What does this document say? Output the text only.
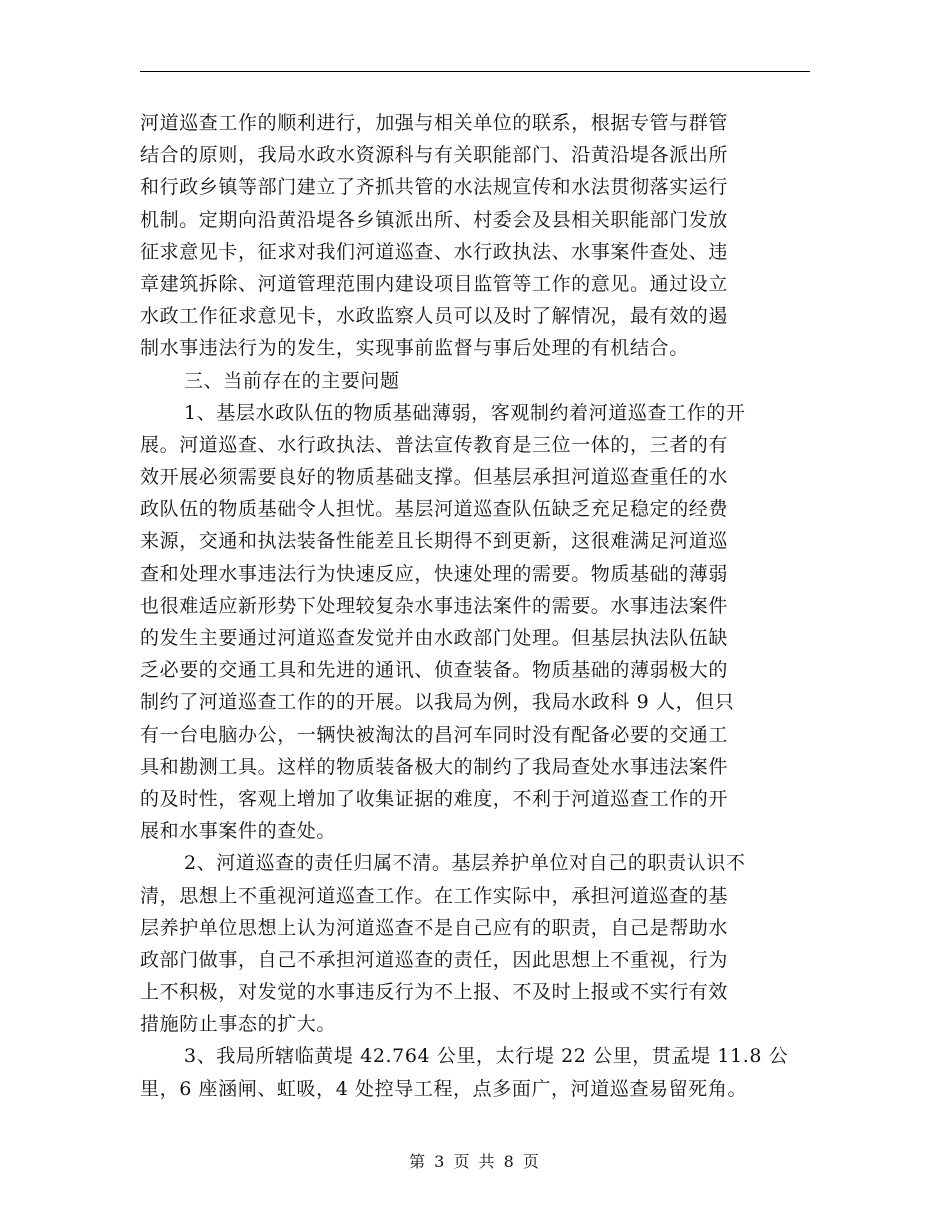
河道巡查工作的顺利进行，加强与相关单位的联系，根据专管与群管
结合的原则，我局水政水资源科与有关职能部门、沿黄沿堤各派出所
和行政乡镇等部门建立了齐抓共管的水法规宣传和水法贯彻落实运行
机制。定期向沿黄沿堤各乡镇派出所、村委会及县相关职能部门发放
征求意见卡，征求对我们河道巡查、水行政执法、水事案件查处、违
章建筑拆除、河道管理范围内建设项目监管等工作的意见。通过设立
水政工作征求意见卡，水政监察人员可以及时了解情况，最有效的遏
制水事违法行为的发生，实现事前监督与事后处理的有机结合。
三、当前存在的主要问题
1、基层水政队伍的物质基础薄弱，客观制约着河道巡查工作的开
展。河道巡查、水行政执法、普法宣传教育是三位一体的，三者的有
效开展必须需要良好的物质基础支撑。但基层承担河道巡查重任的水
政队伍的物质基础令人担忧。基层河道巡查队伍缺乏充足稳定的经费
来源，交通和执法装备性能差且长期得不到更新，这很难满足河道巡
查和处理水事违法行为快速反应，快速处理的需要。物质基础的薄弱
也很难适应新形势下处理较复杂水事违法案件的需要。水事违法案件
的发生主要通过河道巡查发觉并由水政部门处理。但基层执法队伍缺
乏必要的交通工具和先进的通讯、侦查装备。物质基础的薄弱极大的
制约了河道巡查工作的的开展。以我局为例，我局水政科 9 人，但只
有一台电脑办公，一辆快被淘汰的昌河车同时没有配备必要的交通工
具和勘测工具。这样的物质装备极大的制约了我局查处水事违法案件
的及时性，客观上增加了收集证据的难度，不利于河道巡查工作的开
展和水事案件的查处。
2、河道巡查的责任归属不清。基层养护单位对自己的职责认识不
清，思想上不重视河道巡查工作。在工作实际中，承担河道巡查的基
层养护单位思想上认为河道巡查不是自己应有的职责，自己是帮助水
政部门做事，自己不承担河道巡查的责任，因此思想上不重视，行为
上不积极，对发觉的水事违反行为不上报、不及时上报或不实行有效
措施防止事态的扩大。
3、我局所辖临黄堤 42.764 公里，太行堤 22 公里，贯孟堤 11.8 公
里，6 座涵闸、虹吸，4 处控导工程，点多面广，河道巡查易留死角。
第 3 页 共 8 页
